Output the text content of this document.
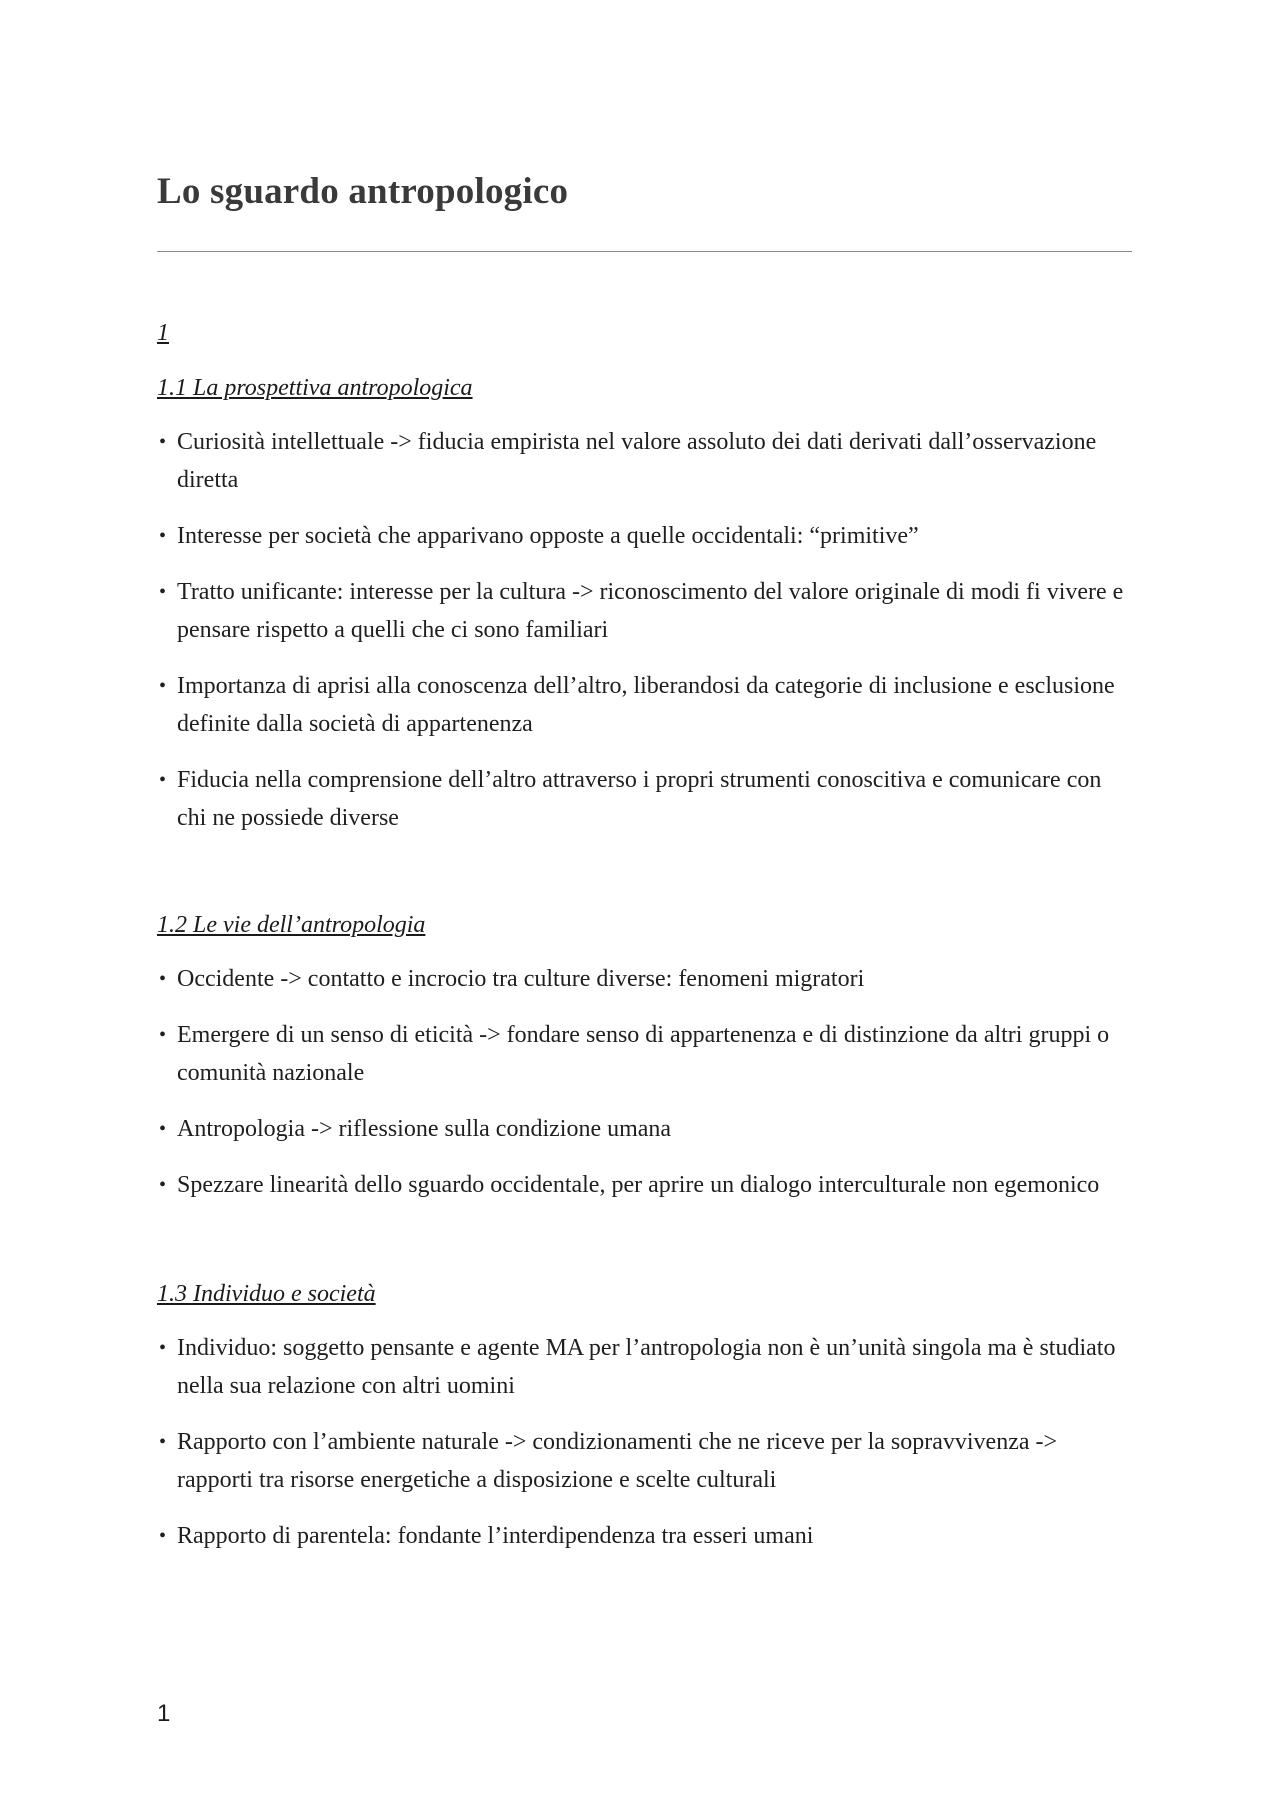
Lo sguardo antropologico

1

1.1 La prospettiva antropologica

• Curiosità intellettuale -> fiducia empirista nel valore assoluto dei dati derivati dall’osservazione diretta
• Interesse per società che apparivano opposte a quelle occidentali: “primitive”
• Tratto unificante: interesse per la cultura -> riconoscimento del valore originale di modi fi vivere e pensare rispetto a quelli che ci sono familiari
• Importanza di aprisi alla conoscenza dell’altro, liberandosi da categorie di inclusione e esclusione definite dalla società di appartenenza
• Fiducia nella comprensione dell’altro attraverso i propri strumenti conoscitiva e comunicare con chi ne possiede diverse

1.2 Le vie dell’antropologia

• Occidente -> contatto e incrocio tra culture diverse: fenomeni migratori
• Emergere di un senso di eticità -> fondare senso di appartenenza e di distinzione da altri gruppi o comunità nazionale
• Antropologia -> riflessione sulla condizione umana
• Spezzare linearità dello sguardo occidentale, per aprire un dialogo interculturale non egemonico

1.3 Individuo e società

• Individuo: soggetto pensante e agente MA per l’antropologia non è un’unità singola ma è studiato nella sua relazione con altri uomini
• Rapporto con l’ambiente naturale -> condizionamenti che ne riceve per la sopravvivenza -> rapporti tra risorse energetiche a disposizione e scelte culturali
• Rapporto di parentela: fondante l’interdipendenza tra esseri umani
1
